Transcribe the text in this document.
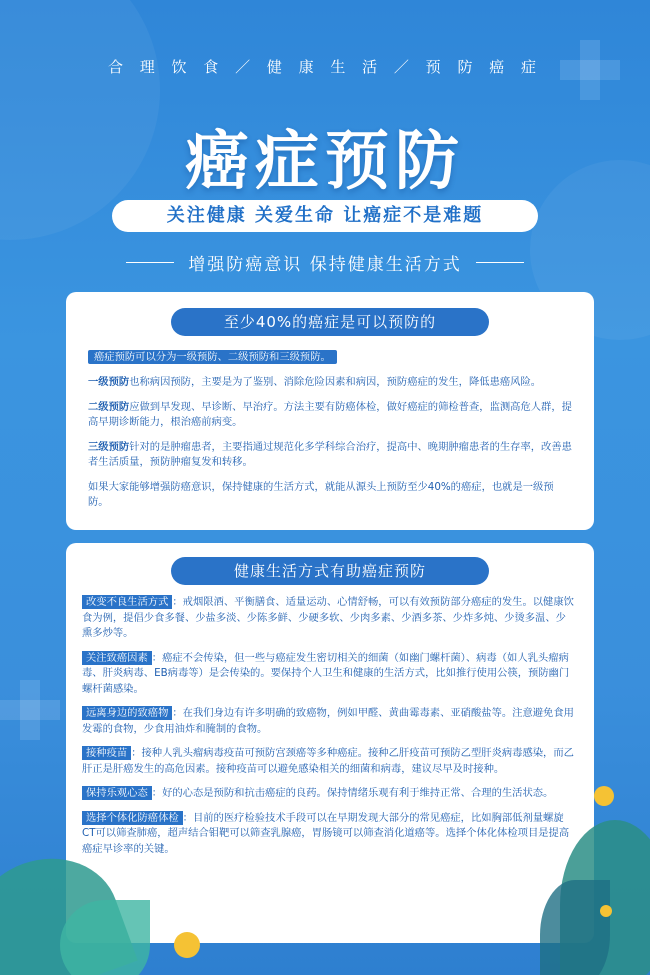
合 理 饮 食 ／ 健 康 生 活 ／ 预 防 癌 症
癌症预防
关注健康 关爱生命 让癌症不是难题
增强防癌意识 保持健康生活方式
至少40%的癌症是可以预防的

癌症预防可以分为一级预防、二级预防和三级预防。

一级预防也称病因预防，主要是为了鉴别、消除危险因素和病因，预防癌症的发生，降低患癌风险。

二级预防应做到早发现、早诊断、早治疗。方法主要有防癌体检，做好癌症的筛检普查，监测高危人群，提高早期诊断能力，根治癌前病变。

三级预防针对的是肿瘤患者，主要指通过规范化多学科综合治疗，提高中、晚期肿瘤患者的生存率，改善患者生活质量，预防肿瘤复发和转移。

如果大家能够增强防癌意识，保持健康的生活方式，就能从源头上预防至少40%的癌症，也就是一级预防。

健康生活方式有助癌症预防

改变不良生活方式 ：戒烟限酒、平衡膳食、适量运动、心情舒畅，可以有效预防部分癌症的发生。以健康饮食为例，提倡少食多餐、少盐多淡、少陈多鲜、少硬多软、少肉多素、少酒多茶、少炸多炖、少烫多温、少熏多炒等。

关注致癌因素 ：癌症不会传染，但一些与癌症发生密切相关的细菌（如幽门螺杆菌）、病毒（如人乳头瘤病毒、肝炎病毒、EB病毒等）是会传染的。要保持个人卫生和健康的生活方式，比如推行使用公筷，预防幽门螺杆菌感染。

远离身边的致癌物 ：在我们身边有许多明确的致癌物，例如甲醛、黄曲霉毒素、亚硝酸盐等。注意避免食用发霉的食物，少食用油炸和腌制的食物。

接种疫苗 ：接种人乳头瘤病毒疫苗可预防宫颈癌等多种癌症。接种乙肝疫苗可预防乙型肝炎病毒感染，而乙肝正是肝癌发生的高危因素。接种疫苗可以避免感染相关的细菌和病毒，建议尽早及时接种。

保持乐观心态 ：好的心态是预防和抗击癌症的良药。保持情绪乐观有利于维持正常、合理的生活状态。

选择个体化防癌体检 ：目前的医疗检验技术手段可以在早期发现大部分的常见癌症，比如胸部低剂量螺旋CT可以筛查肺癌，超声结合钼靶可以筛查乳腺癌，胃肠镜可以筛查消化道癌等。选择个体化体检项目是提高癌症早诊率的关键。
